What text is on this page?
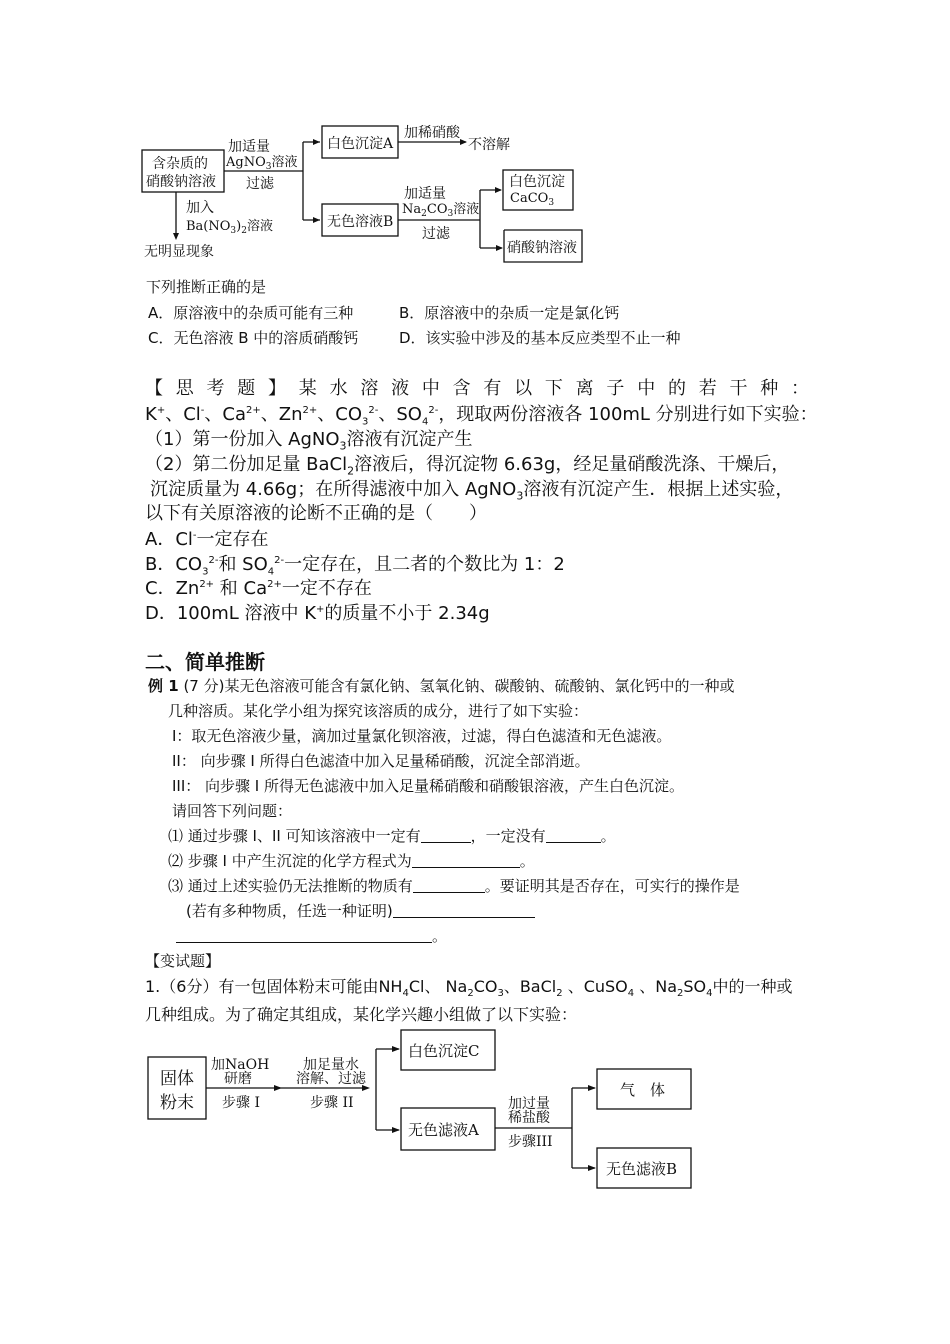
含杂质的
硝酸钠溶液
加适量
AgNO$_3$溶液
过滤
白色沉淀A
加稀硝酸
不溶解
加入
$Ba(NO_3)_2$溶液
无明显现象
无色溶液B
加适量
$Na_2CO_3$溶液
过滤
白色沉淀
CaCO$_3$
硝酸钠溶液
下列推断正确的是
A．原溶液中的杂质可能有三种	B．原溶液中的杂质一定是氯化钙
C．无色溶液 B 中的溶质硝酸钙	D．该实验中涉及的基本反应类型不止一种
【思考题】某水溶液中含有以下离子中的若干种：
K+、Cl-、$Ca^{2+}$、$Zn^{2+}$、$CO_3^{2-}$、$SO_4^{2-}$，现取两份溶液各 100mL 分别进行如下实验：
（1）第一份加入 AgNO$_3$溶液有沉淀产生
（2）第二份加足量 BaCl$_2$溶液后，得沉淀物 6.63g，经足量硝酸洗涤、干燥后，
沉淀质量为 4.66g；在所得滤液中加入 AgNO$_3$溶液有沉淀产生．根据上述实验，
以下有关原溶液的论断不正确的是（　　）
A．Cl-一定存在
B．$CO_3^{2-}$和 $SO_4^{2-}$一定存在，且二者的个数比为 1：2
C．$Zn^{2+}$ 和 $Ca^{2+}$一定不存在
D．100mL 溶液中 K+的质量不小于 2.34g
二、简单推断
例 1 (7 分)某无色溶液可能含有氯化钠、氢氧化钠、碳酸钠、硫酸钠、氯化钙中的一种或
几种溶质。某化学小组为探究该溶质的成分，进行了如下实验：
I：取无色溶液少量，滴加过量氯化钡溶液，过滤，得白色滤渣和无色滤液。
II： 向步骤 I 所得白色滤渣中加入足量稀硝酸，沉淀全部消逝。
III： 向步骤 I 所得无色滤液中加入足量稀硝酸和硝酸银溶液，产生白色沉淀。
请回答下列问题：
⑴ 通过步骤 I、II 可知该溶液中一定有	，一定没有	。
⑵ 步骤 I 中产生沉淀的化学方程式为	。
⑶ 通过上述实验仍无法推断的物质有	。要证明其是否存在，可实行的操作是
(若有多种物质，任选一种证明)
。
【变试题】
1.（6分）有一包固体粉末可能由$NH_4Cl$、 $Na_2CO_3$、BaCl$_2$ 、CuSO$_4$ 、$Na_2SO_4$中的一种或
几种组成。为了确定其组成，某化学兴趣小组做了以下实验：
固体
粉末
加NaOH
研磨
步骤 I
加足量水
溶解、过滤
步骤 II
白色沉淀C
无色滤液A
加过量
稀盐酸
步骤III
气　体
无色滤液B
